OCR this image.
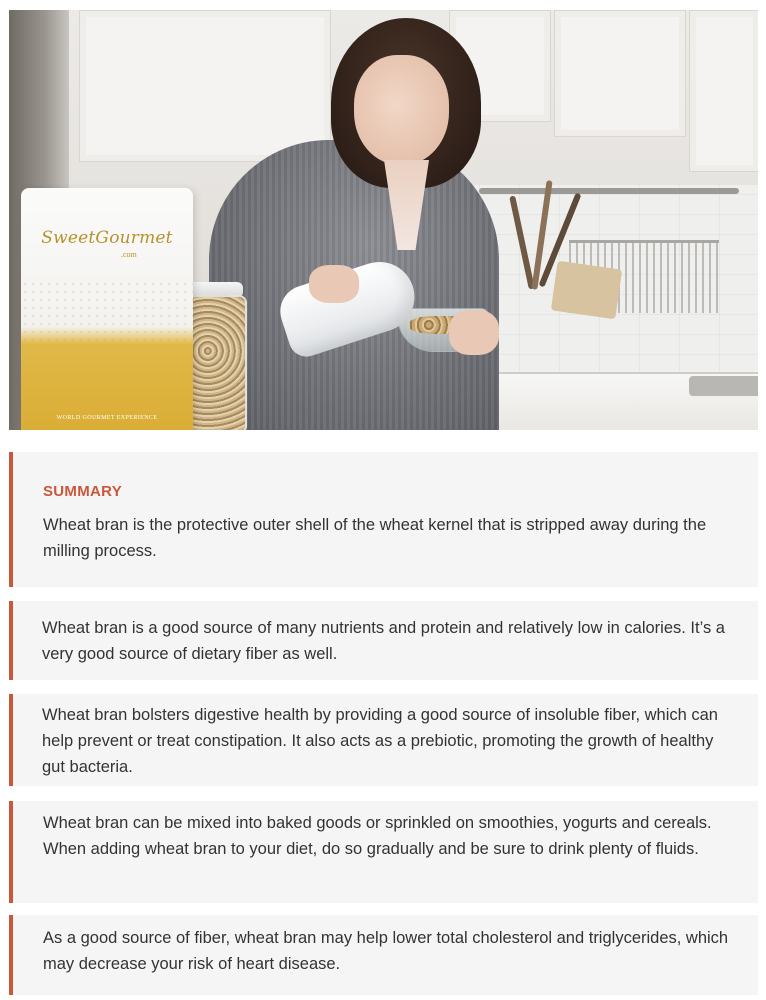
SweetGourmet
.com
WORLD GOURMET EXPERIENCE
SUMMARY

Wheat bran is the protective outer shell of the wheat kernel that is stripped away during the milling process.

Wheat bran is a good source of many nutrients and protein and relatively low in calories. It’s a very good source of dietary fiber as well.

Wheat bran bolsters digestive health by providing a good source of insoluble fiber, which can help prevent or treat constipation. It also acts as a prebiotic, promoting the growth of healthy gut bacteria.

Wheat bran can be mixed into baked goods or sprinkled on smoothies, yogurts and cereals. When adding wheat bran to your diet, do so gradually and be sure to drink plenty of fluids.

As a good source of fiber, wheat bran may help lower total cholesterol and triglycerides, which may decrease your risk of heart disease.
